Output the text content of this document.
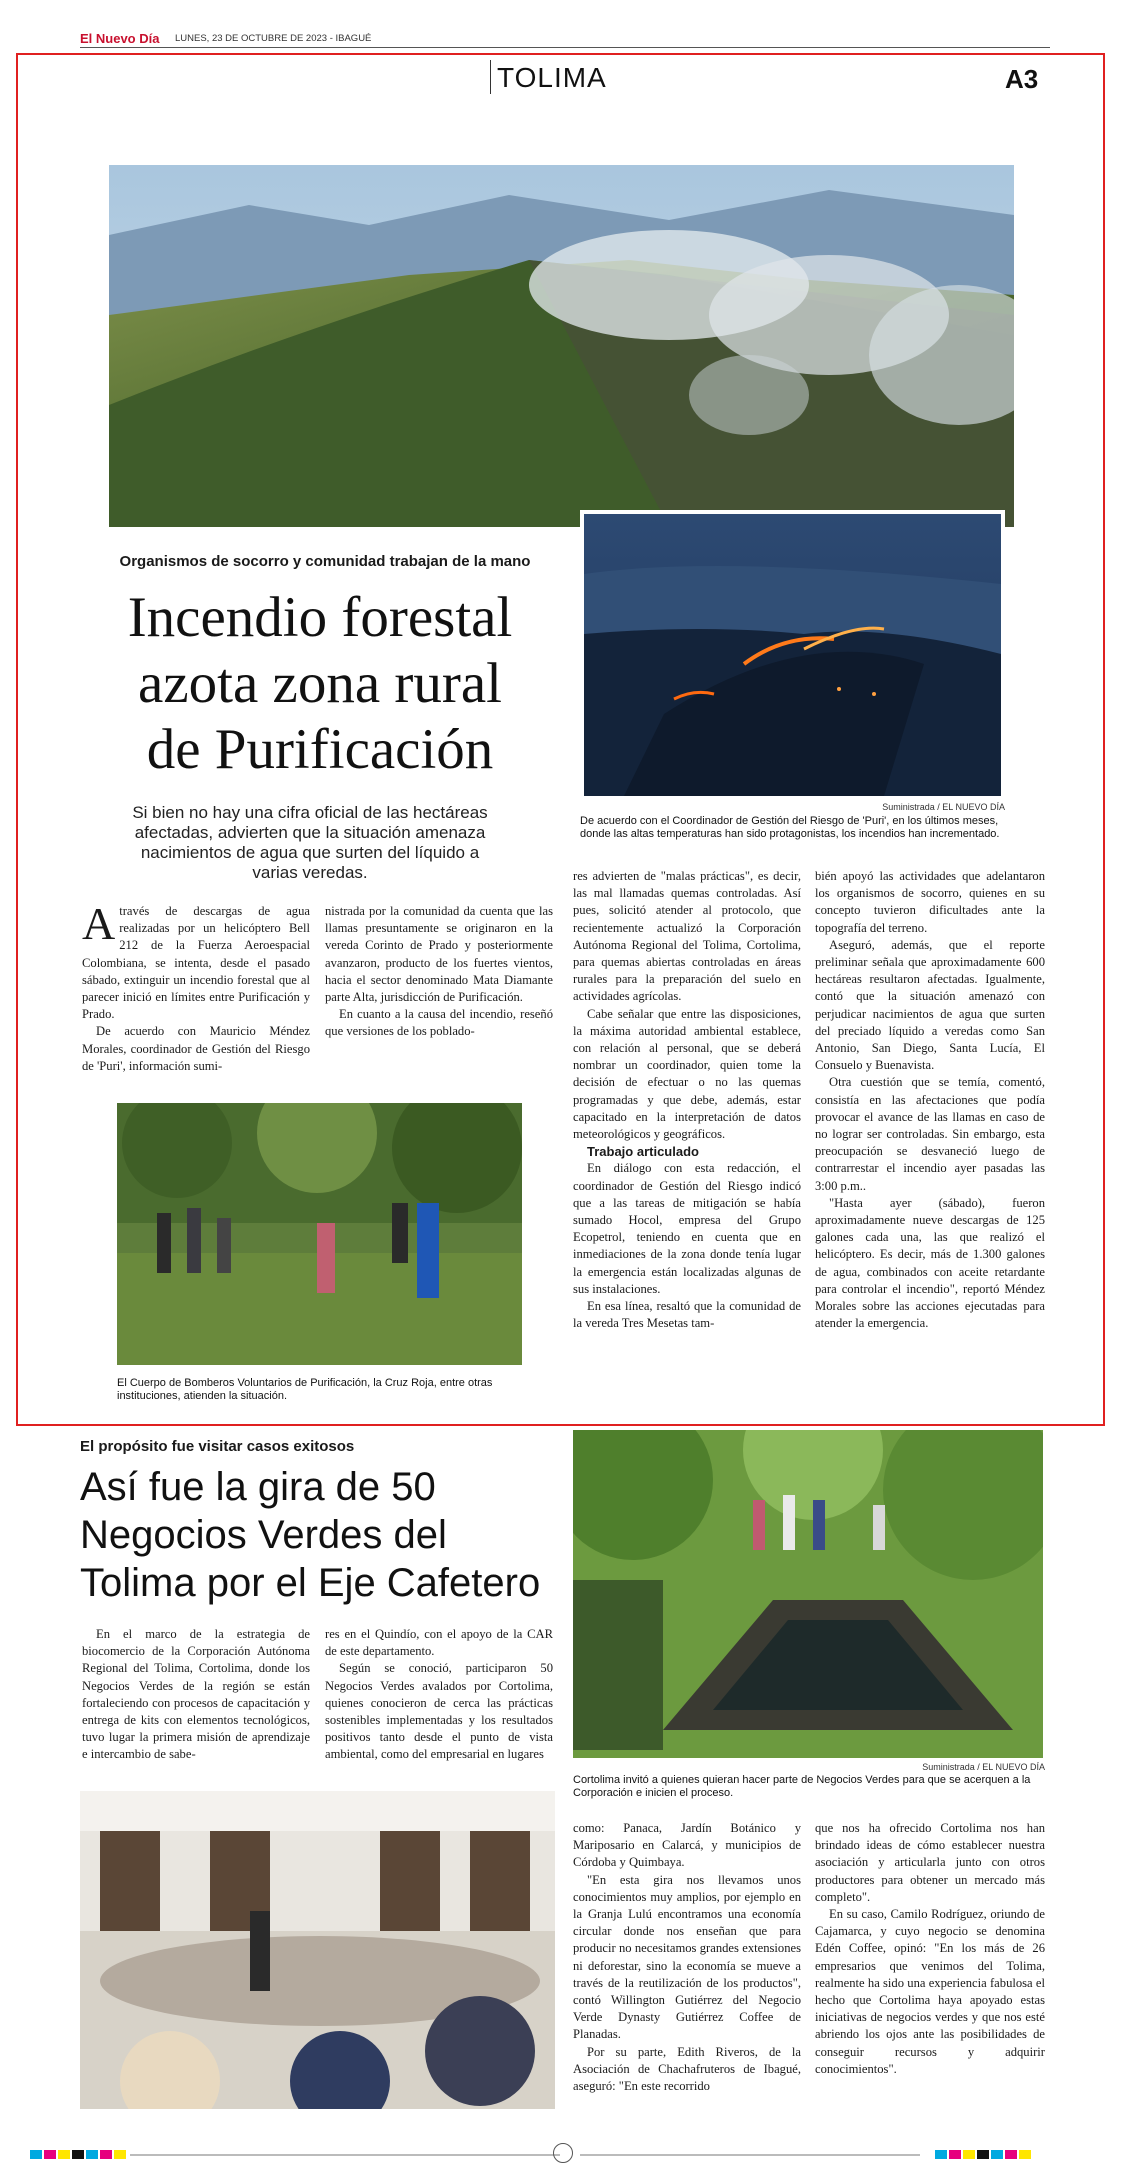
El Nuevo Día LUNES, 23 DE OCTUBRE DE 2023 - IBAGUÉ
TOLIMA	A3
Suministrada / EL NUEVO DÍA
De acuerdo con el Coordinador de Gestión del Riesgo de 'Puri', en los últimos meses, donde las altas temperaturas han sido protagonistas, los incendios han incrementado.
Organismos de socorro y comunidad trabajan de la mano
Incendio forestal
azota zona rural
de Purificación
Si bien no hay una cifra oficial de las hectáreas afectadas, advierten que la situación amenaza nacimientos de agua que surten del líquido a varias veredas.

Através de descargas de agua realizadas por un helicóptero Bell 212 de la Fuerza Aeroespacial Colombiana, se intenta, desde el pasado sábado, extinguir un incendio forestal que al parecer inició en límites entre Purificación y Prado.

De acuerdo con Mauricio Méndez Morales, coordinador de Gestión del Riesgo de 'Puri', información sumi-

nistrada por la comunidad da cuenta que las llamas presuntamente se originaron en la vereda Corinto de Prado y posteriormente avanzaron, producto de los fuertes vientos, hacia el sector denominado Mata Diamante parte Alta, jurisdicción de Purificación.

En cuanto a la causa del incendio, reseñó que versiones de los poblado-

res advierten de "malas prácticas", es decir, las mal llamadas quemas controladas. Así pues, solicitó atender al protocolo, que recientemente actualizó la Corporación Autónoma Regional del Tolima, Cortolima, para quemas abiertas controladas en áreas rurales para la preparación del suelo en actividades agrícolas.

Cabe señalar que entre las disposiciones, la máxima autoridad ambiental establece, con relación al personal, que se deberá nombrar un coordinador, quien tome la decisión de efectuar o no las quemas programadas y que debe, además, estar capacitado en la interpretación de datos meteorológicos y geográficos.

Trabajo articulado

En diálogo con esta redacción, el coordinador de Gestión del Riesgo indicó que a las tareas de mitigación se había sumado Hocol, empresa del Grupo Ecopetrol, teniendo en cuenta que en inmediaciones de la zona donde tenía lugar la emergencia están localizadas algunas de sus instalaciones.

En esa línea, resaltó que la comunidad de la vereda Tres Mesetas tam-

bién apoyó las actividades que adelantaron los organismos de socorro, quienes en su concepto tuvieron dificultades ante la topografía del terreno.

Aseguró, además, que el reporte preliminar señala que aproximadamente 600 hectáreas resultaron afectadas. Igualmente, contó que la situación amenazó con perjudicar nacimientos de agua que surten del preciado líquido a veredas como San Antonio, San Diego, Santa Lucía, El Consuelo y Buenavista.

Otra cuestión que se temía, comentó, consistía en las afectaciones que podía provocar el avance de las llamas en caso de no lograr ser controladas. Sin embargo, esta preocupación se desvaneció luego de contrarrestar el incendio ayer pasadas las 3:00 p.m..

"Hasta ayer (sábado), fueron aproximadamente nueve descargas de 125 galones cada una, las que realizó el helicóptero. Es decir, más de 1.300 galones de agua, combinados con aceite retardante para controlar el incendio", reportó Méndez Morales sobre las acciones ejecutadas para atender la emergencia.

El Cuerpo de Bomberos Voluntarios de Purificación, la Cruz Roja, entre otras instituciones, atienden la situación.
El propósito fue visitar casos exitosos
Así fue la gira de 50
Negocios Verdes del
Tolima por el Eje Cafetero

En el marco de la estrategia de biocomercio de la Corporación Autónoma Regional del Tolima, Cortolima, donde los Negocios Verdes de la región se están fortaleciendo con procesos de capacitación y entrega de kits con elementos tecnológicos, tuvo lugar la primera misión de aprendizaje e intercambio de sabe-

res en el Quindío, con el apoyo de la CAR de este departamento.

Según se conoció, participaron 50 Negocios Verdes avalados por Cortolima, quienes conocieron de cerca las prácticas sostenibles implementadas y los resultados positivos tanto desde el punto de vista ambiental, como del empresarial en lugares

Suministrada / EL NUEVO DÍA
Cortolima invitó a quienes quieran hacer parte de Negocios Verdes para que se acerquen a la Corporación e inicien el proceso.

como: Panaca, Jardín Botánico y Mariposario en Calarcá, y municipios de Córdoba y Quimbaya.

"En esta gira nos llevamos unos conocimientos muy amplios, por ejemplo en la Granja Lulú encontramos una economía circular donde nos enseñan que para producir no necesitamos grandes extensiones ni deforestar, sino la economía se mueve a través de la reutilización de los productos", contó Willington Gutiérrez del Negocio Verde Dynasty Gutiérrez Coffee de Planadas.

Por su parte, Edith Riveros, de la Asociación de Chachafruteros de Ibagué, aseguró: "En este recorrido

que nos ha ofrecido Cortolima nos han brindado ideas de cómo establecer nuestra asociación y articularla junto con otros productores para obtener un mercado más completo".

En su caso, Camilo Rodríguez, oriundo de Cajamarca, y cuyo negocio se denomina Edén Coffee, opinó: "En los más de 26 empresarios que venimos del Tolima, realmente ha sido una experiencia fabulosa el hecho que Cortolima haya apoyado estas iniciativas de negocios verdes y que nos esté abriendo los ojos ante las posibilidades de conseguir recursos y adquirir conocimientos".
